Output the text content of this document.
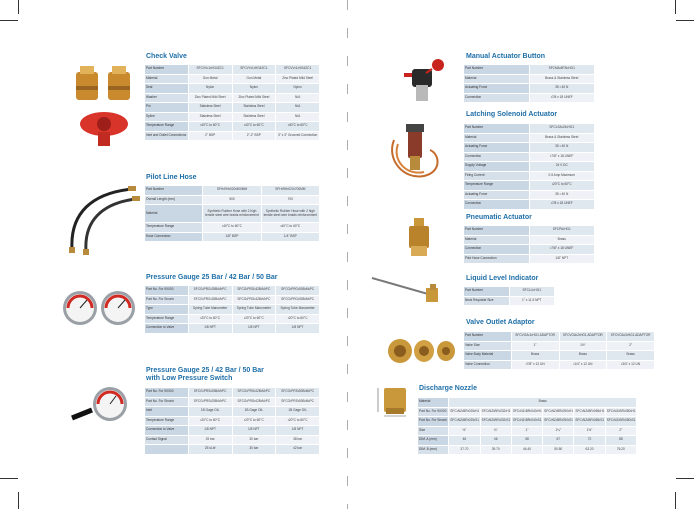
Check Valve
Part Number	SFCVV•1•HG4ZC1	SFCVV•1•HG4ZC1	SFCVV•1•HG4ZC1
Material	Gun Metal	Gun Metal	Zinc Plated Mild Steel
Seal	Nylon	Nylon	Nylon
Washer	Zinc Plated Mild Steel	Zinc Plated Mild Steel	N/A
Pin	Stainless Steel	Stainless Steel	N/A
Spline	Stainless Steel	Stainless Steel	N/A
Temperature Range	•40°C to 60°C	•40°C to 60°C	•40°C to 60°C
Inlet and Outlet Connections	2" BSP	2"-2" BSP	3" x 3" Grooved Connection
Pilot Line Hose
Part Number	SFH•RH•020•500MM	SFH•RH•020•700MM
Overall Length (mm)	500	700
Material	Synthetic Rubber Hose with 2 high tensile steel wire braids reinforcement	Synthetic Rubber Hose with 2 high tensile steel wire braids reinforcement
Temperature Range	•40°C to 60°C	•40°C to 60°C
Hose Connection	1/8" BSP	1/4" BSP
Pressure Gauge 25 Bar / 42 Bar / 50 Bar
Part No. For 9X000	SFCG•PRG•25B•M•PC	SFCG•PRG•42B•M•PC	SFCG•PRG•50B•M•PC
Part No. For Sinorix	SFCG•PRG•25B•M•PC	SFCG•PRG•42B•M•PC	SFCG•PRG•50B•M•PC
Type	Spring Tube Manometer	Spring Tube Manometer	Spring Tube Manometer
Temperature Range	•20°C to 60°C	•20°C to 60°C	•20°C to 60°C
Connection to Valve	1/8 NPT	1/8 NPT	1/8 NPT
Pressure Gauge 25 / 42 Bar / 50 Bar with Low Pressure Switch
Part No. For 9X000	SFCG•PRS•25B•M•PC	SFCG•PRS•42B•M•PC	SFCG•PRS•50B•M•PC
Part No. For Sinorix	SFCG•PRS•25B•M•PC	SFCG•PRS•42B•M•PC	SFCG•PRS•50B•M•PC
Inlet	1B Gage OIL	1B Gage OIL	1B Gage OIL
Temperature Range	•20°C to 60°C	•20°C to 60°C	•20°C to 60°C
Connection to Valve	1/8 NPT	1/8 NPT	1/8 NPT
Contact Signal	25 bar	30 bar	38 bar
	25 kLbf	30 bar	42 bar
Manual Actuator Button
Part Number	SFCMA•BTN•HG1
Material	Brass & Stainless Steel
Actuating Force	35 • 40 N
Connection	•7/8 x 18 UNEF
Latching Solenoid Actuator
Part Number	SFCLSA•24•HG1
Material	Brass & Stainless Steel
Actuating Force	35 • 40 N
Connection	•7/8" x 18 UNEF
Supply Voltage	24 V DC
Firing Current	0.5 Amp Maximum
Temperature Range	•20°C to 60°C
Actuating Force	35 • 40 N
Connection	•7/8 x 18 UNEF
Pneumatic Actuator
Part Number	SFCPA•HG1
Material	Brass
Connection	•7/8" x 18 UNEF
Pilot Hose Connection	1/8" NPT
Liquid Level Indicator
Part Number	SFCLLI•HG1
Neck Requisite Size	1" x 11.5 NPT
Valve Outlet Adaptor
Part Number	SFCVOA•1•HG1 ADAPTOR	SFCVOA•2•HG1 ADAPTOR	SFCVOA•3•HG1 ADAPTOR
Valve Size	1"	1½"	2"
Valve Body Material	Brass	Brass	Brass
Valve Connection	•7/8" x 12 UN	•1/4" x 12 UN	•3/4" x 12 UN
Discharge Nozzle
Material	Brass					
Part No. For 9X000	SFC•NZ•BR•025•H1	SFC•NZ•BR•032•H1	SFC•NZ•BR•040•H1	SFC•NZ•BR•050•H1	SFC•NZ•BR•065•H1	SFC•NZ•BR•080•H1
Part No. For Sinorix	SFC•NZ•BR•025•S1	SFC•NZ•BR•032•S1	SFC•NZ•BR•040•S1	SFC•NZ•BR•050•S1	SFC•NZ•BR•065•S1	SFC•NZ•BR•080•S1
Size	½"	¾"	1"	1¼"	1½"	2"
DIM. A (mm)	46	46	58	67	72	88
DIM. B (mm)	37.70	39.70	44.40	50.80	63.20	76.20
